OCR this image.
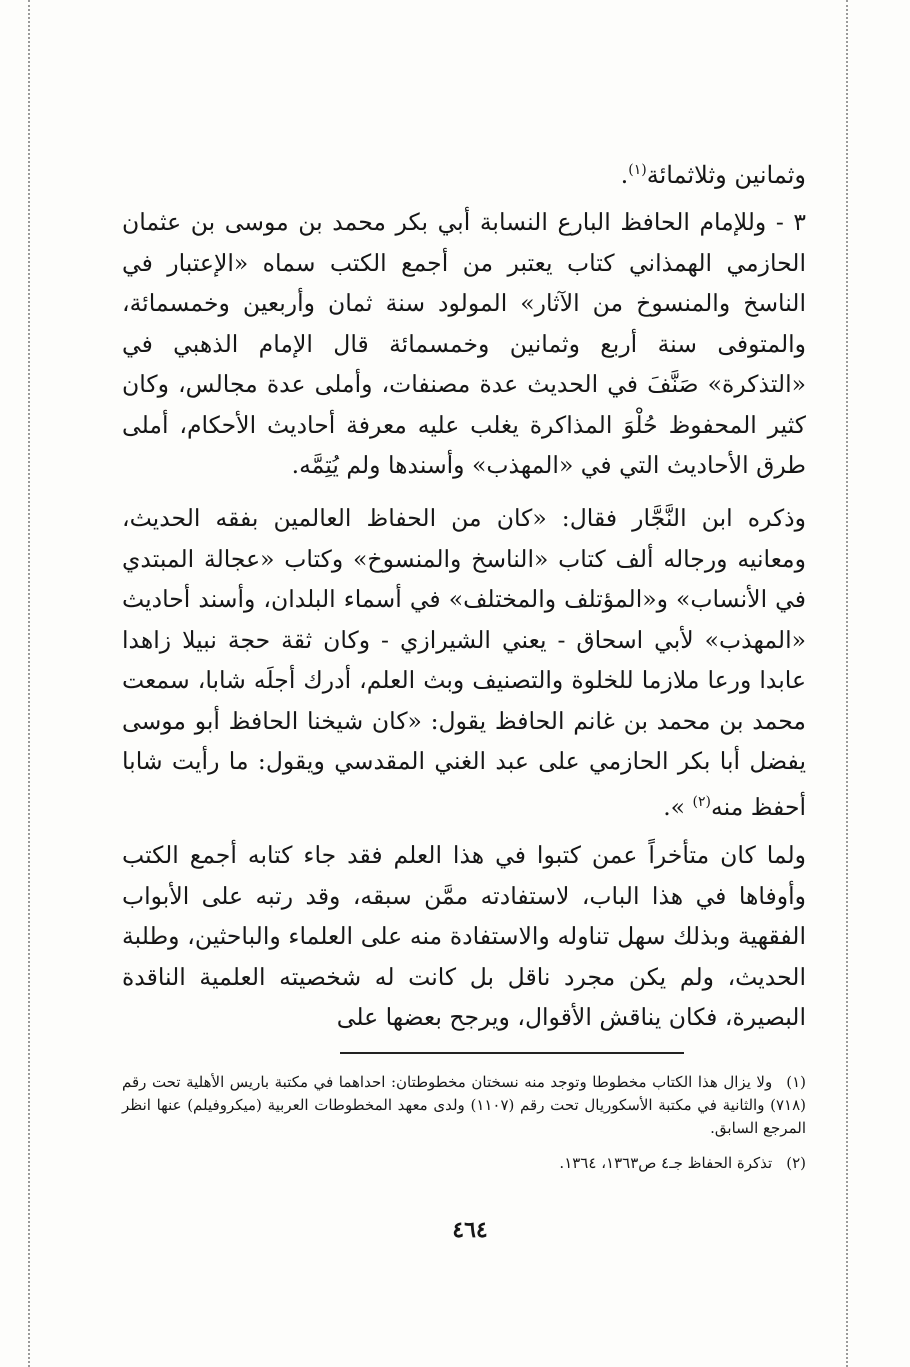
وثمانين وثلاثمائة$^{(١)}$.

٣ - وللإمام الحافظ البارع النسابة أبي بكر محمد بن موسى بن عثمان الحازمي الهمذاني كتاب يعتبر من أجمع الكتب سماه «الإعتبار في الناسخ والمنسوخ من الآثار» المولود سنة ثمان وأربعين وخمسمائة، والمتوفى سنة أربع وثمانين وخمسمائة قال الإمام الذهبي في «التذكرة» صَنَّفَ في الحديث عدة مصنفات، وأملى عدة مجالس، وكان كثير المحفوظ حُلْوَ المذاكرة يغلب عليه معرفة أحاديث الأحكام، أملى طرق الأحاديث التي في «المهذب» وأسندها ولم يُتِمَّه.

وذكره ابن النَّجَّار فقال: «كان من الحفاظ العالمين بفقه الحديث، ومعانيه ورجاله ألف كتاب «الناسخ والمنسوخ» وكتاب «عجالة المبتدي في الأنساب» و«المؤتلف والمختلف» في أسماء البلدان، وأسند أحاديث «المهذب» لأبي اسحاق - يعني الشيرازي - وكان ثقة حجة نبيلا زاهدا عابدا ورعا ملازما للخلوة والتصنيف وبث العلم، أدرك أجلَه شابا، سمعت محمد بن محمد بن غانم الحافظ يقول: «كان شيخنا الحافظ أبو موسى يفضل أبا بكر الحازمي على عبد الغني المقدسي ويقول: ما رأيت شابا أحفظ منه$^{(٢)}$ ».

ولما كان متأخراً عمن كتبوا في هذا العلم فقد جاء كتابه أجمع الكتب وأوفاها في هذا الباب، لاستفادته ممَّن سبقه، وقد رتبه على الأبواب الفقهية وبذلك سهل تناوله والاستفادة منه على العلماء والباحثين، وطلبة الحديث، ولم يكن مجرد ناقل بل كانت له شخصيته العلمية الناقدة البصيرة، فكان يناقش الأقوال، ويرجح بعضها على

(١)ولا يزال هذا الكتاب مخطوطا وتوجد منه نسختان مخطوطتان: احداهما في مكتبة باريس الأهلية تحت رقم (٧١٨) والثانية في مكتبة الأسكوريال تحت رقم (١١٠٧) ولدى معهد المخطوطات العربية (ميكروفيلم) عنها انظر المرجع السابق.
(٢)تذكرة الحفاظ جـ٤ ص١٣٦٣، ١٣٦٤.
٤٦٤
